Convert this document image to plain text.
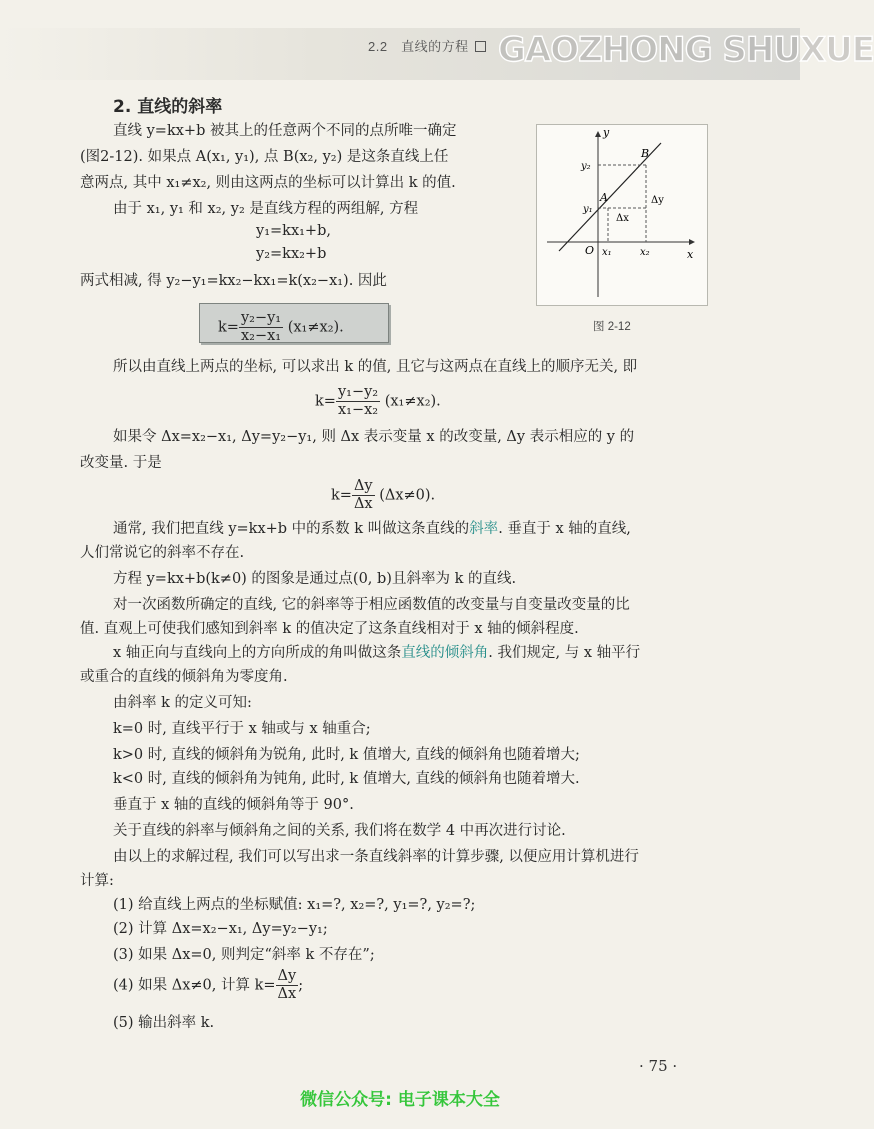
2.2　直线的方程 GAOZHONG SHUXUE
2. 直线的斜率
直线 y=kx+b 被其上的任意两个不同的点所唯一确定
(图2-12). 如果点 A(x₁, y₁), 点 B(x₂, y₂) 是这条直线上任
意两点, 其中 x₁≠x₂, 则由这两点的坐标可以计算出 k 的值.
由于 x₁, y₁ 和 x₂, y₂ 是直线方程的两组解, 方程
y₁=kx₁+b,
y₂=kx₂+b
两式相减, 得 y₂−y₁=kx₂−kx₁=k(x₂−x₁). 因此
$k= \frac{\text{y₂−y₁}}{\text{x₂−x₁}} (x_1\ne x_2)$.
y
x
O
B
A
y₂
y₁
x₁	x₂
Δx
Δy
图 2-12
所以由直线上两点的坐标, 可以求出 k 的值, 且它与这两点在直线上的顺序无关, 即
$k= \frac{\text{y₁−y₂}}{\text{x₁−x₂}} (x_1\ne x_2)$.
如果令 Δx=x₂−x₁, Δy=y₂−y₁, 则 Δx 表示变量 x 的改变量, Δy 表示相应的 y 的
改变量. 于是
$k= \frac{\Delta y}{\Delta x} (\Delta x\ne 0)$.
通常, 我们把直线 y=kx+b 中的系数 k 叫做这条直线的斜率. 垂直于 x 轴的直线,
人们常说它的斜率不存在.
方程 y=kx+b(k≠0) 的图象是通过点(0, b)且斜率为 k 的直线.
对一次函数所确定的直线, 它的斜率等于相应函数值的改变量与自变量改变量的比
值. 直观上可使我们感知到斜率 k 的值决定了这条直线相对于 x 轴的倾斜程度.
x 轴正向与直线向上的方向所成的角叫做这条直线的倾斜角. 我们规定, 与 x 轴平行
或重合的直线的倾斜角为零度角.
由斜率 k 的定义可知:
k=0 时, 直线平行于 x 轴或与 x 轴重合;
k>0 时, 直线的倾斜角为锐角, 此时, k 值增大, 直线的倾斜角也随着增大;
k<0 时, 直线的倾斜角为钝角, 此时, k 值增大, 直线的倾斜角也随着增大.
垂直于 x 轴的直线的倾斜角等于 90°.
关于直线的斜率与倾斜角之间的关系, 我们将在数学 4 中再次进行讨论.
由以上的求解过程, 我们可以写出求一条直线斜率的计算步骤, 以便应用计算机进行
计算:
(1) 给直线上两点的坐标赋值: x₁=?, x₂=?, y₁=?, y₂=?;
(2) 计算 Δx=x₂−x₁, Δy=y₂−y₁;
(3) 如果 Δx=0, 则判定“斜率 k 不存在”;
(4) 如果 Δx≠0, 计算 $k= \frac{\Delta y}{\Delta x}$ ;
(5) 输出斜率 k.
· 75 ·
微信公众号: 电子课本大全
